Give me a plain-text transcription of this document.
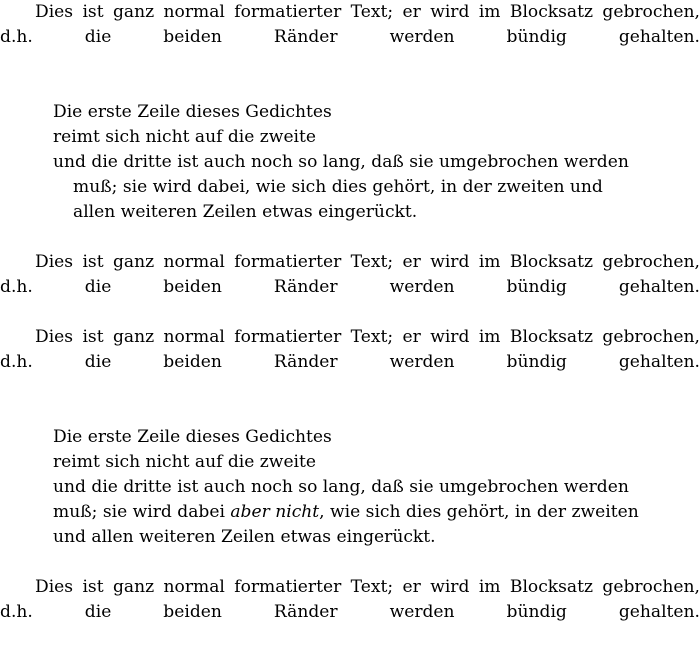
Dies ist ganz normal formatierter Text; er wird im Blocksatz gebrochen, d.h. die beiden Ränder werden bündig gehalten.

Die erste Zeile dieses Gedichtes
reimt sich nicht auf die zweite
und die dritte ist auch noch so lang, daß sie umgebrochen werden
muß; sie wird dabei, wie sich dies gehört, in der zweiten und
allen weiteren Zeilen etwas eingerückt.

Dies ist ganz normal formatierter Text; er wird im Blocksatz gebrochen, d.h. die beiden Ränder werden bündig gehalten.

Dies ist ganz normal formatierter Text; er wird im Blocksatz gebrochen, d.h. die beiden Ränder werden bündig gehalten.

Die erste Zeile dieses Gedichtes
reimt sich nicht auf die zweite
und die dritte ist auch noch so lang, daß sie umgebrochen werden
muß; sie wird dabei aber nicht, wie sich dies gehört, in der zweiten
und allen weiteren Zeilen etwas eingerückt.

Dies ist ganz normal formatierter Text; er wird im Blocksatz gebrochen, d.h. die beiden Ränder werden bündig gehalten.
